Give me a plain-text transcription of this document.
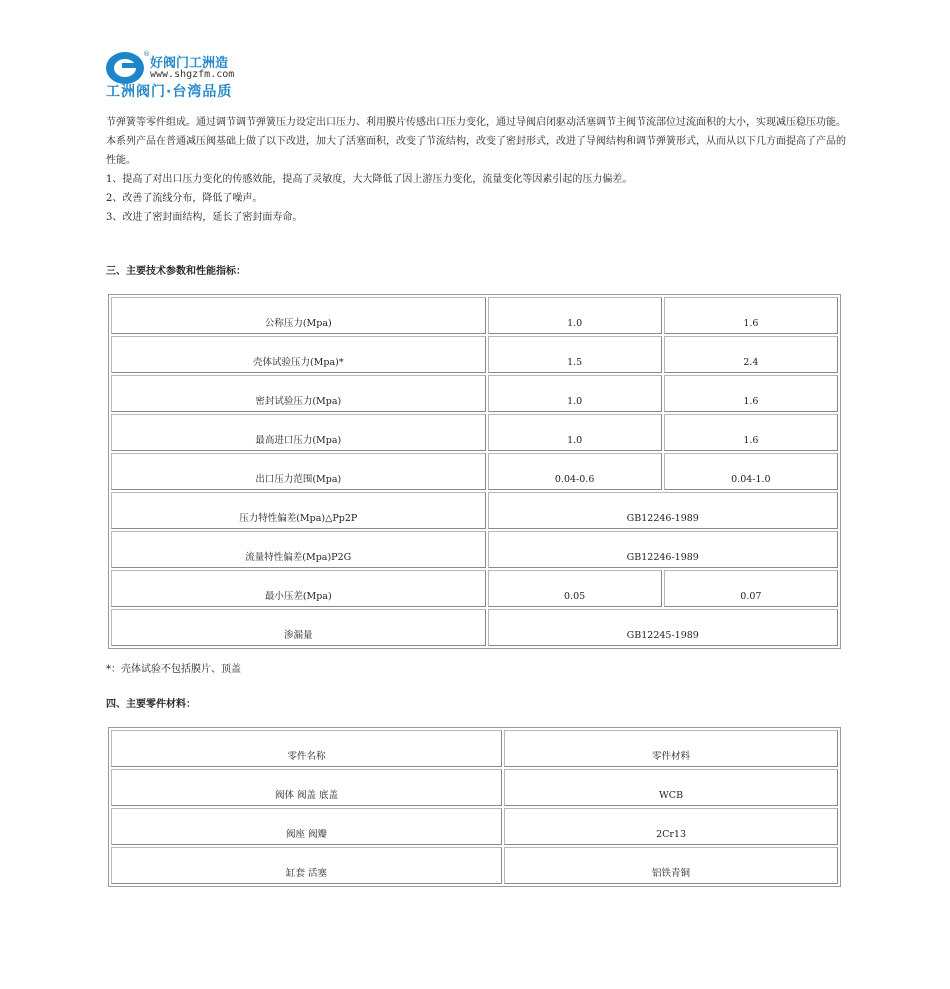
®
好阀门工洲造
www.shgzfm.com
工洲阀门·台湾品质

节弹簧等零件组成。通过调节调节弹簧压力设定出口压力、利用膜片传感出口压力变化，通过导阀启闭驱动活塞调节主阀节流部位过流面积的大小，实现减压稳压功能。

本系列产品在普通减压阀基础上做了以下改进，加大了活塞面积，改变了节流结构，改变了密封形式，改进了导阀结构和调节弹簧形式，从而从以下几方面提高了产品的性能。

1、提高了对出口压力变化的传感效能，提高了灵敏度，大大降低了因上游压力变化，流量变化等因素引起的压力偏差。

2、改善了流线分布，降低了噪声。

3、改进了密封面结构，延长了密封面寿命。

三、主要技术参数和性能指标：
公称压力(Mpa)	1.0	1.6
壳体试验压力(Mpa)*	1.5	2.4
密封试验压力(Mpa)	1.0	1.6
最高进口压力(Mpa)	1.0	1.6
出口压力范围(Mpa)	0.04-0.6	0.04-1.0
压力特性偏差(Mpa)△Pp2P	GB12246-1989	
流量特性偏差(Mpa)P2G	GB12246-1989	
最小压差(Mpa)	0.05	0.07
渗漏量	GB12245-1989	
*：壳体试验不包括膜片、顶盖
四、主要零件材料：
零件名称	零件材料
阀体 阀盖 底盖	WCB
阀座 阀瓣	2Cr13
缸套 活塞	铝铁青铜
